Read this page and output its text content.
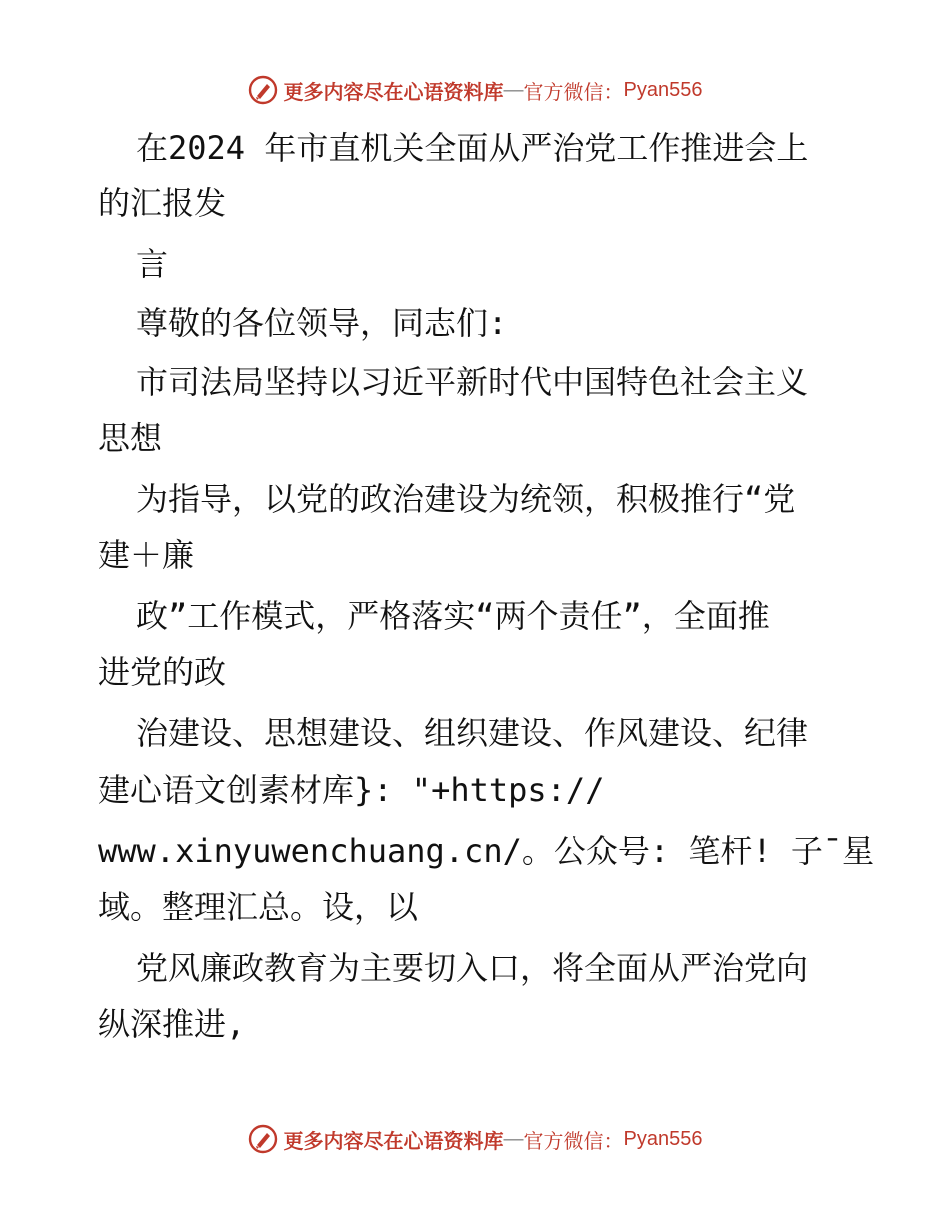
更多内容尽在心语资料库 — 官方微信： Pyan556
在2024 年市直机关全面从严治党工作推进会上
的汇报发
言
尊敬的各位领导，同志们:
市司法局坚持以习近平新时代中国特色社会主义
思想
为指导，以党的政治建设为统领，积极推行“党
建＋廉
政”工作模式，严格落实“两个责任”，全面推
进党的政
治建设、思想建设、组织建设、作风建设、纪律
建心语文创素材库}: "+https://
www.xinyuwenchuang.cn/。公众号: 笔杆! 子¯星
域。整理汇总。设，以
党风廉政教育为主要切入口，将全面从严治党向
纵深推进,
更多内容尽在心语资料库 — 官方微信： Pyan556
